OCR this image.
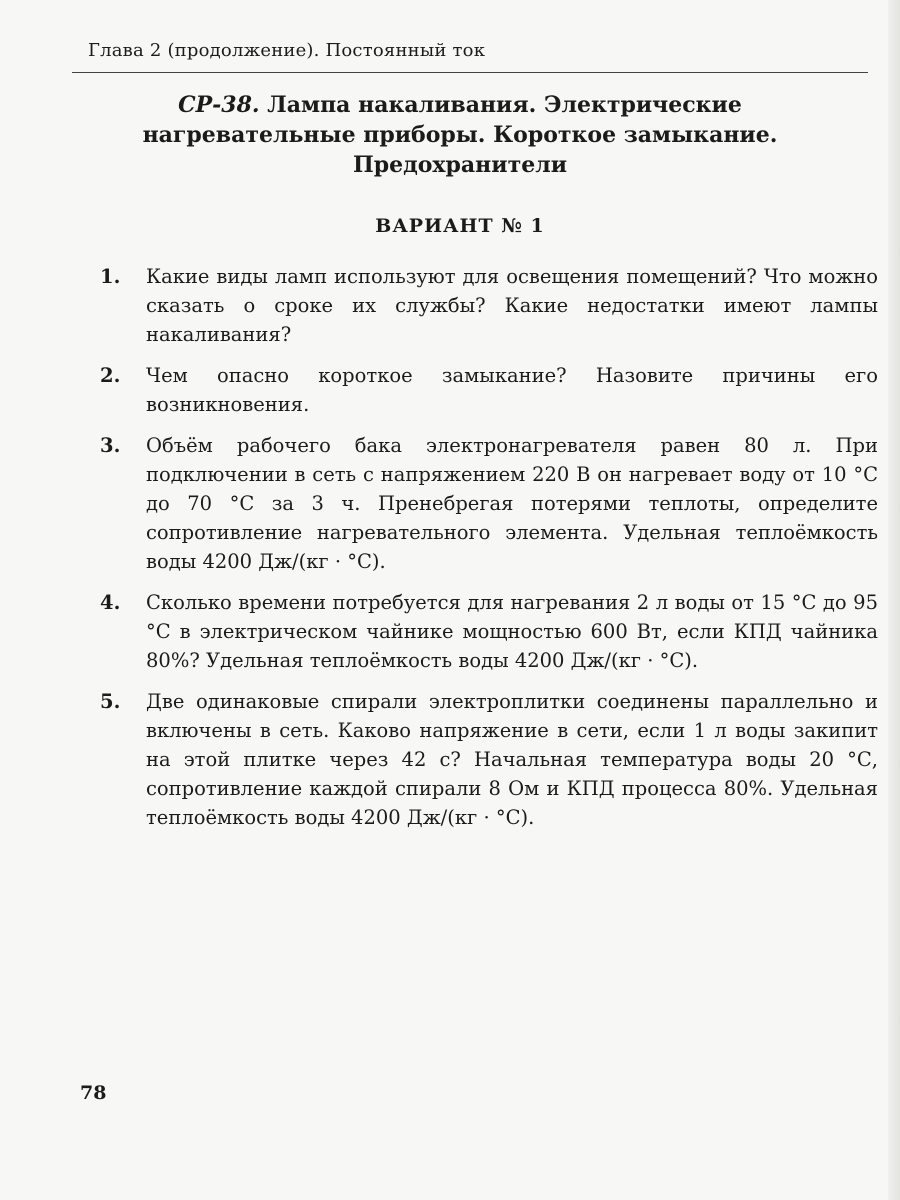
Глава 2 (продолжение). Постоянный ток
СР-38. Лампа накаливания. Электрические
нагревательные приборы. Короткое замыкание.
Предохранители
ВАРИАНТ № 1
1. Какие виды ламп используют для освещения помещений? Что можно сказать о сроке их службы? Какие недостатки имеют лампы накаливания?
2. Чем опасно короткое замыкание? Назовите причины его возникновения.
3. Объём рабочего бака электронагревателя равен 80 л. При подключении в сеть с напряжением 220 В он нагревает воду от 10 °С до 70 °С за 3 ч. Пренебрегая потерями теплоты, определите сопротивление нагревательного элемента. Удельная теплоёмкость воды 4200 Дж/(кг · °С).
4. Сколько времени потребуется для нагревания 2 л воды от 15 °С до 95 °С в электрическом чайнике мощностью 600 Вт, если КПД чайника 80%? Удельная теплоёмкость воды 4200 Дж/(кг · °С).
5. Две одинаковые спирали электроплитки соединены параллельно и включены в сеть. Каково напряжение в сети, если 1 л воды закипит на этой плитке через 42 с? Начальная температура воды 20 °С, сопротивление каждой спирали 8 Ом и КПД процесса 80%. Удельная теплоёмкость воды 4200 Дж/(кг · °С).
78
